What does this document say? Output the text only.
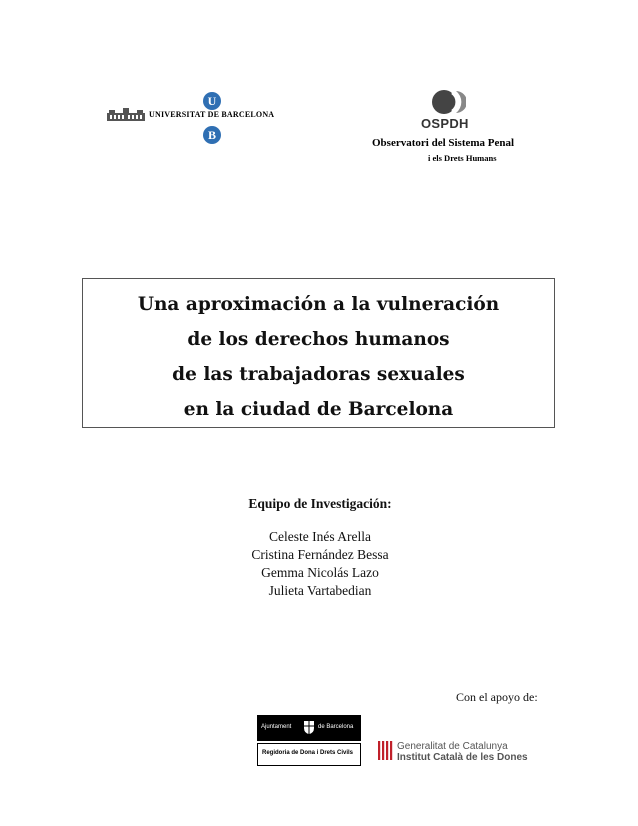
UNIVERSITAT DE BARCELONA
U
B
OSPDH
Observatori del Sistema Penal
i els Drets Humans
Una aproximación a la vulneración
de los derechos humanos
de las trabajadoras sexuales
en la ciudad de Barcelona
Equipo de Investigación:
Celeste Inés Arella
Cristina Fernández Bessa
Gemma Nicolás Lazo
Julieta Vartabedian
Con el apoyo de:
Ajuntament	de Barcelona
Regidoria de Dona i Drets Civils
Generalitat de Catalunya
Institut Català de les Dones
